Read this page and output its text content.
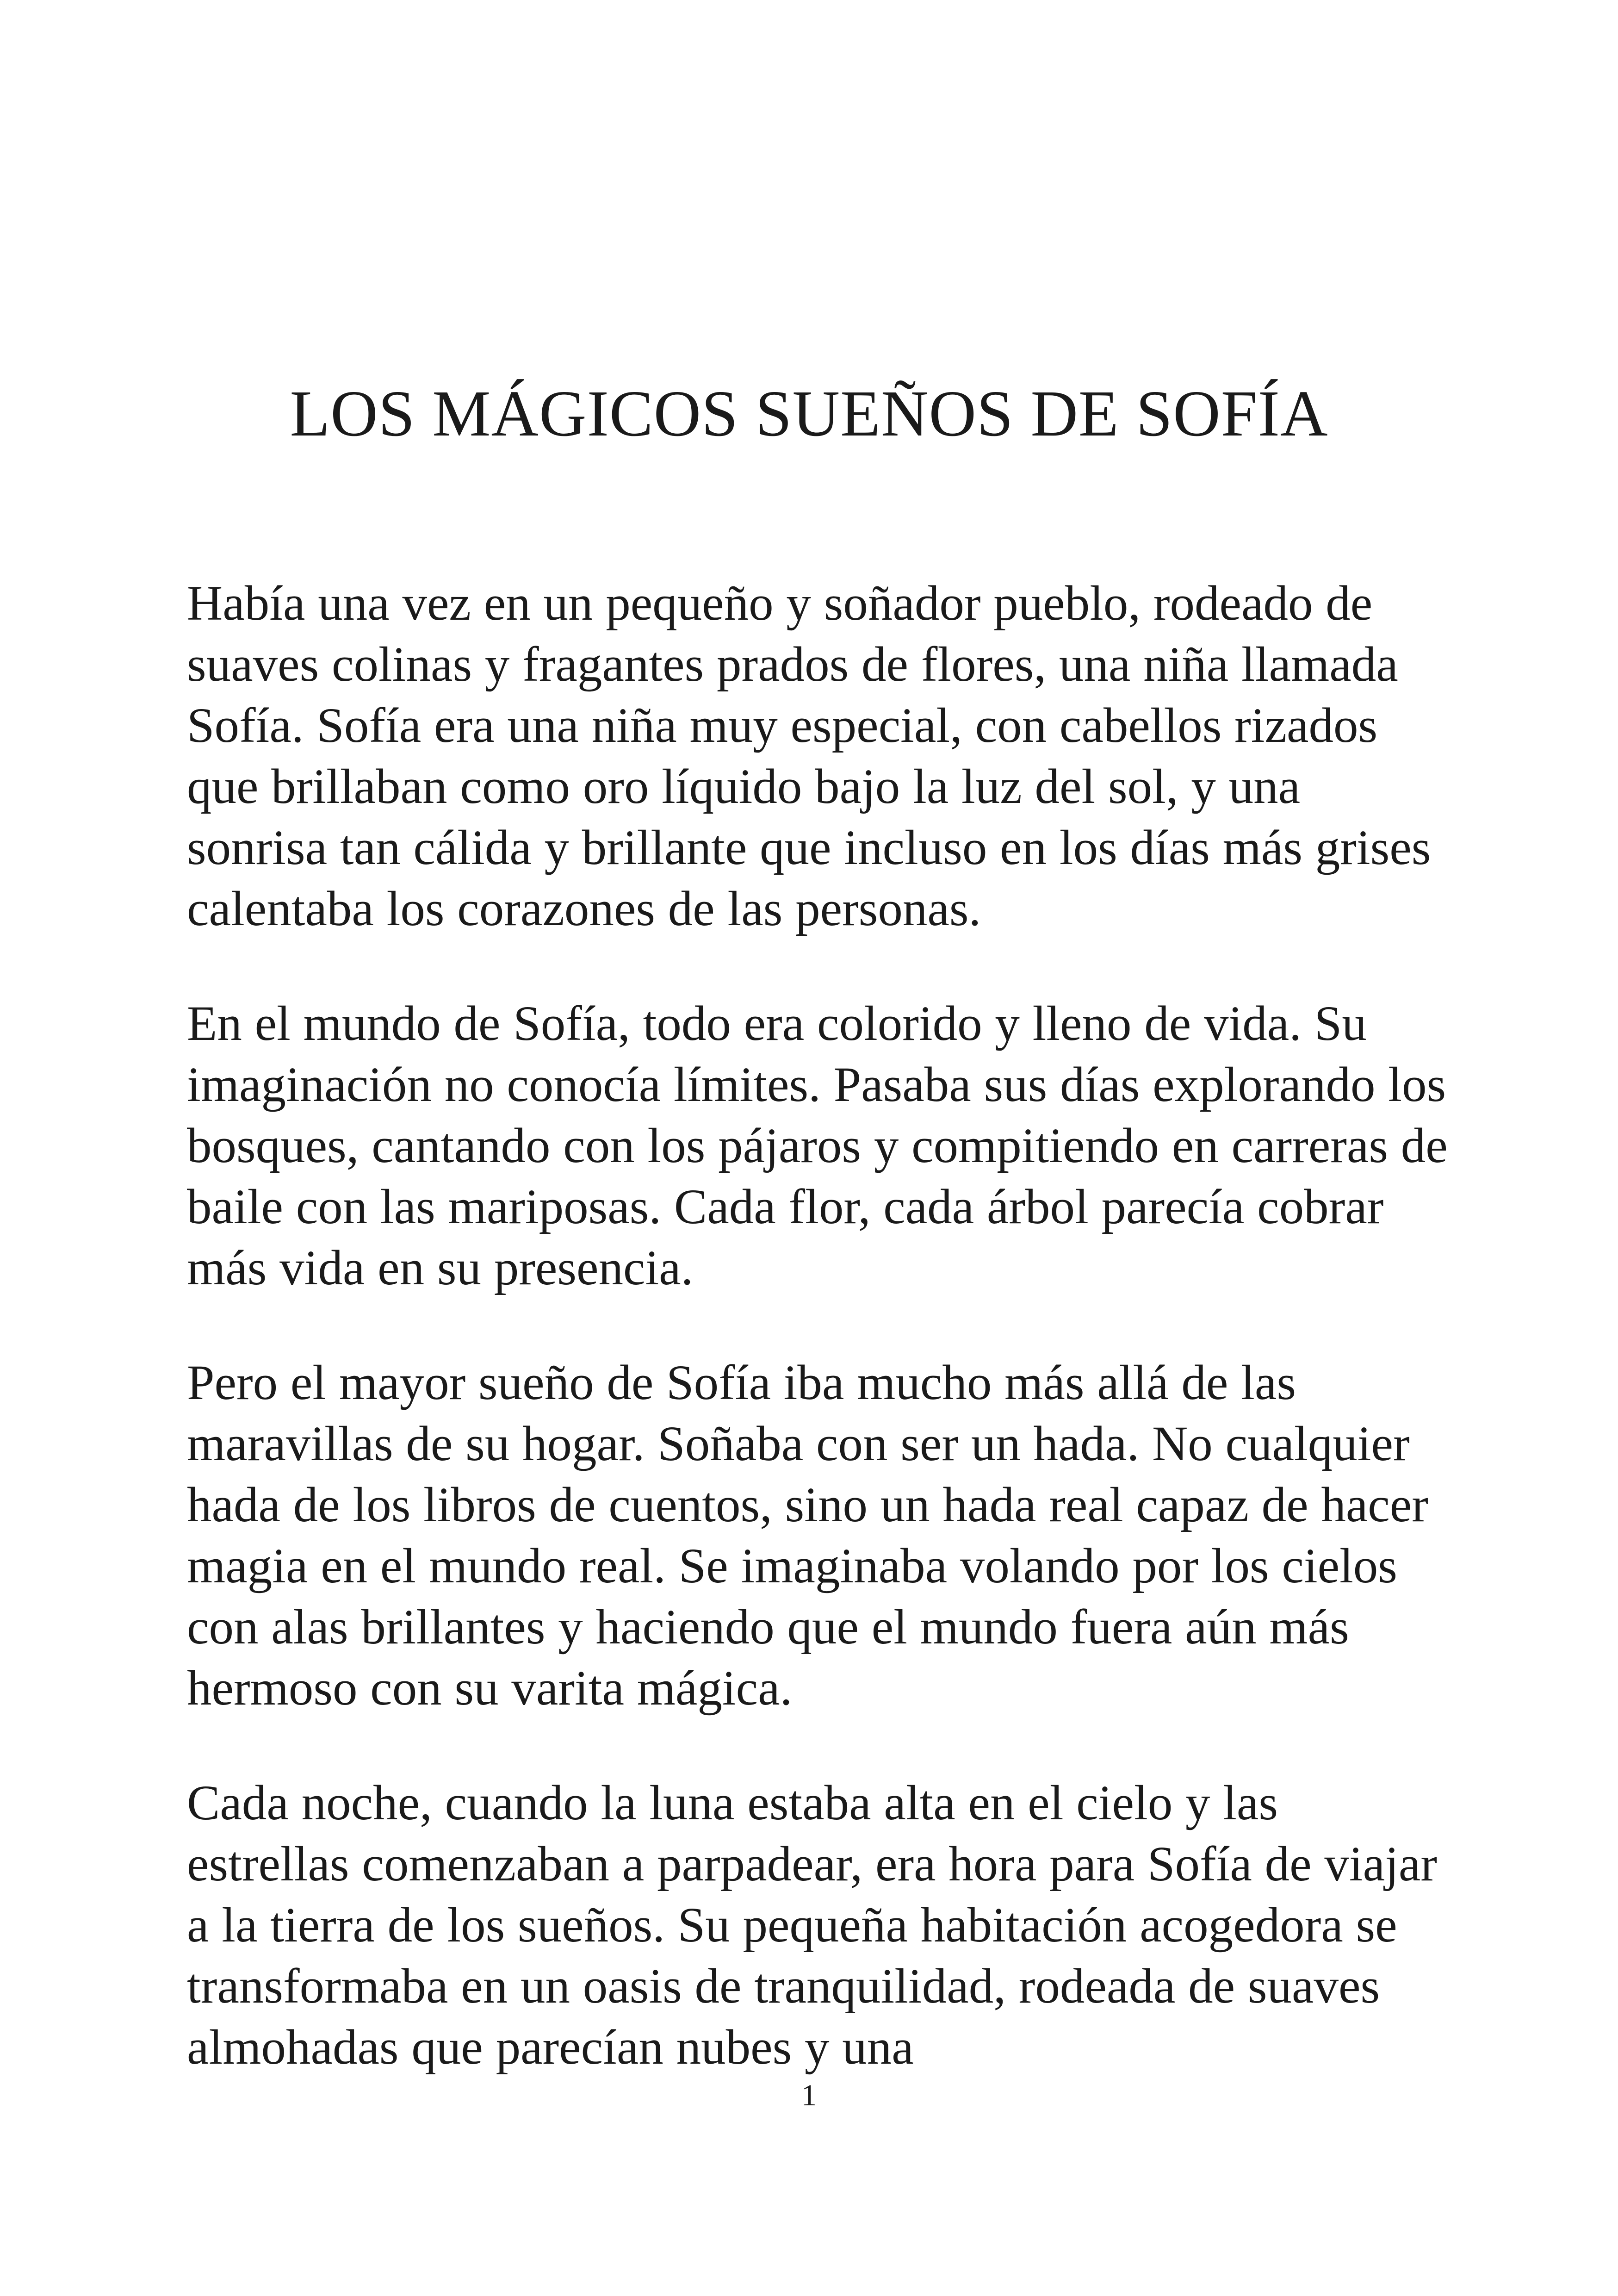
LOS MÁGICOS SUEÑOS DE SOFÍA

Había una vez en un pequeño y soñador pueblo, rodeado de suaves colinas y fragantes prados de flores, una niña llamada Sofía. Sofía era una niña muy especial, con cabellos rizados que brillaban como oro líquido bajo la luz del sol, y una sonrisa tan cálida y brillante que incluso en los días más grises calentaba los corazones de las personas.

En el mundo de Sofía, todo era colorido y lleno de vida. Su imaginación no conocía límites. Pasaba sus días explorando los bosques, cantando con los pájaros y compitiendo en carreras de baile con las mariposas. Cada flor, cada árbol parecía cobrar más vida en su presencia.

Pero el mayor sueño de Sofía iba mucho más allá de las maravillas de su hogar. Soñaba con ser un hada. No cualquier hada de los libros de cuentos, sino un hada real capaz de hacer magia en el mundo real. Se imaginaba volando por los cielos con alas brillantes y haciendo que el mundo fuera aún más hermoso con su varita mágica.

Cada noche, cuando la luna estaba alta en el cielo y las estrellas comenzaban a parpadear, era hora para Sofía de viajar a la tierra de los sueños. Su pequeña habitación acogedora se transformaba en un oasis de tranquilidad, rodeada de suaves almohadas que parecían nubes y una

1
